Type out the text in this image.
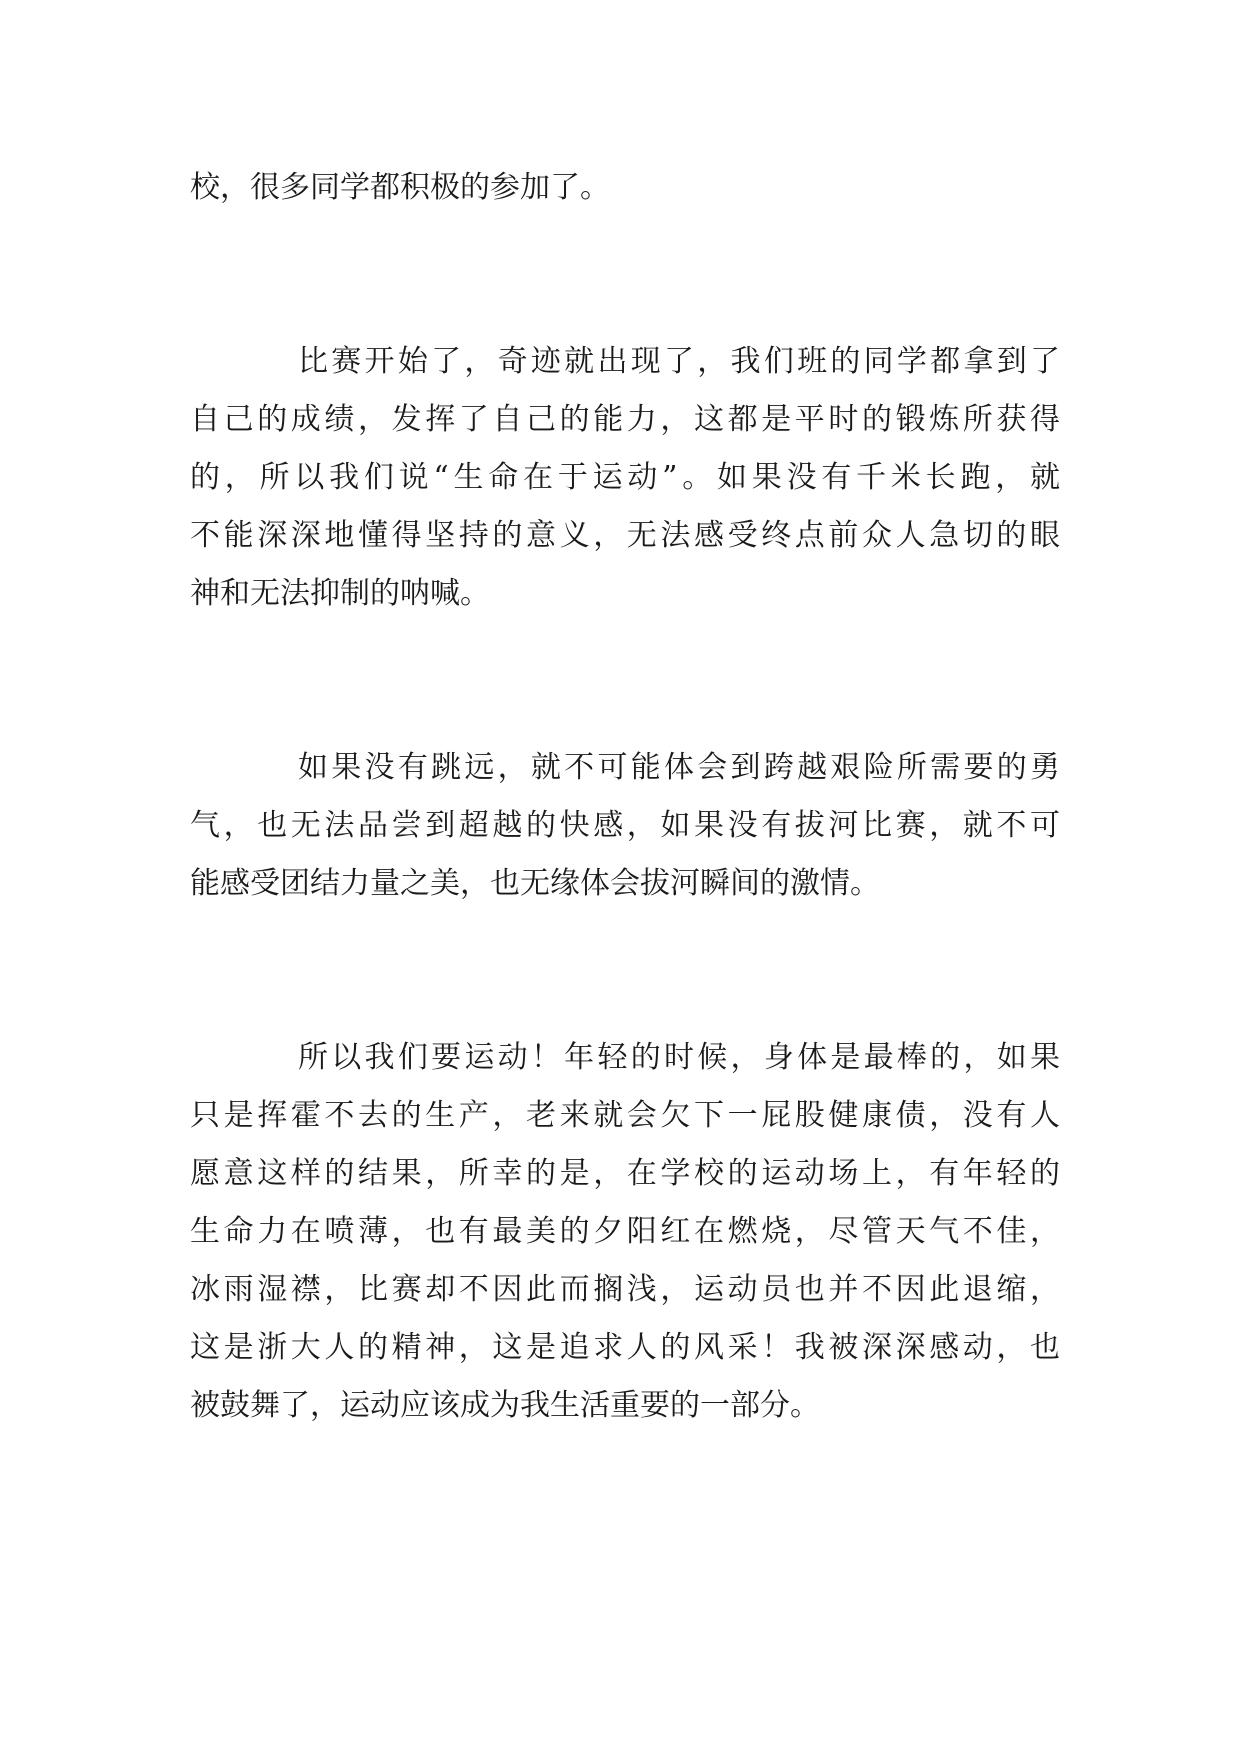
校，很多同学都积极的参加了。

比赛开始了，奇迹就出现了，我们班的同学都拿到了

自己的成绩，发挥了自己的能力，这都是平时的锻炼所获得

的，所以我们说“生命在于运动”。如果没有千米长跑，就

不能深深地懂得坚持的意义，无法感受终点前众人急切的眼

神和无法抑制的呐喊。

如果没有跳远，就不可能体会到跨越艰险所需要的勇

气，也无法品尝到超越的快感，如果没有拔河比赛，就不可

能感受团结力量之美，也无缘体会拔河瞬间的激情。

所以我们要运动！年轻的时候，身体是最棒的，如果

只是挥霍不去的生产，老来就会欠下一屁股健康债，没有人

愿意这样的结果，所幸的是，在学校的运动场上，有年轻的

生命力在喷薄，也有最美的夕阳红在燃烧，尽管天气不佳，

冰雨湿襟，比赛却不因此而搁浅，运动员也并不因此退缩，

这是浙大人的精神，这是追求人的风采！我被深深感动，也

被鼓舞了，运动应该成为我生活重要的一部分。
